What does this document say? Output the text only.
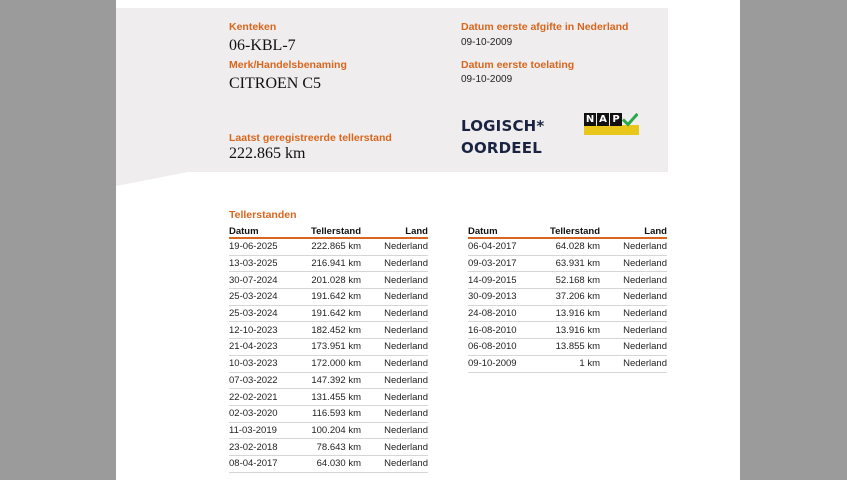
Kenteken
06-KBL-7
Merk/Handelsbenaming
CITROEN C5
Laatst geregistreerde tellerstand
222.865 km
Datum eerste afgifte in Nederland
09-10-2009
Datum eerste toelating
09-10-2009
LOGISCH*
OORDEEL
N A P
Tellerstanden
Datum	Tellerstand	Land
19-06-2025	222.865 km	Nederland
13-03-2025	216.941 km	Nederland
30-07-2024	201.028 km	Nederland
25-03-2024	191.642 km	Nederland
25-03-2024	191.642 km	Nederland
12-10-2023	182.452 km	Nederland
21-04-2023	173.951 km	Nederland
10-03-2023	172.000 km	Nederland
07-03-2022	147.392 km	Nederland
22-02-2021	131.455 km	Nederland
02-03-2020	116.593 km	Nederland
11-03-2019	100.204 km	Nederland
23-02-2018	78.643 km	Nederland
08-04-2017	64.030 km	Nederland
Datum	Tellerstand	Land
06-04-2017	64.028 km	Nederland
09-03-2017	63.931 km	Nederland
14-09-2015	52.168 km	Nederland
30-09-2013	37.206 km	Nederland
24-08-2010	13.916 km	Nederland
16-08-2010	13.916 km	Nederland
06-08-2010	13.855 km	Nederland
09-10-2009	1 km	Nederland
